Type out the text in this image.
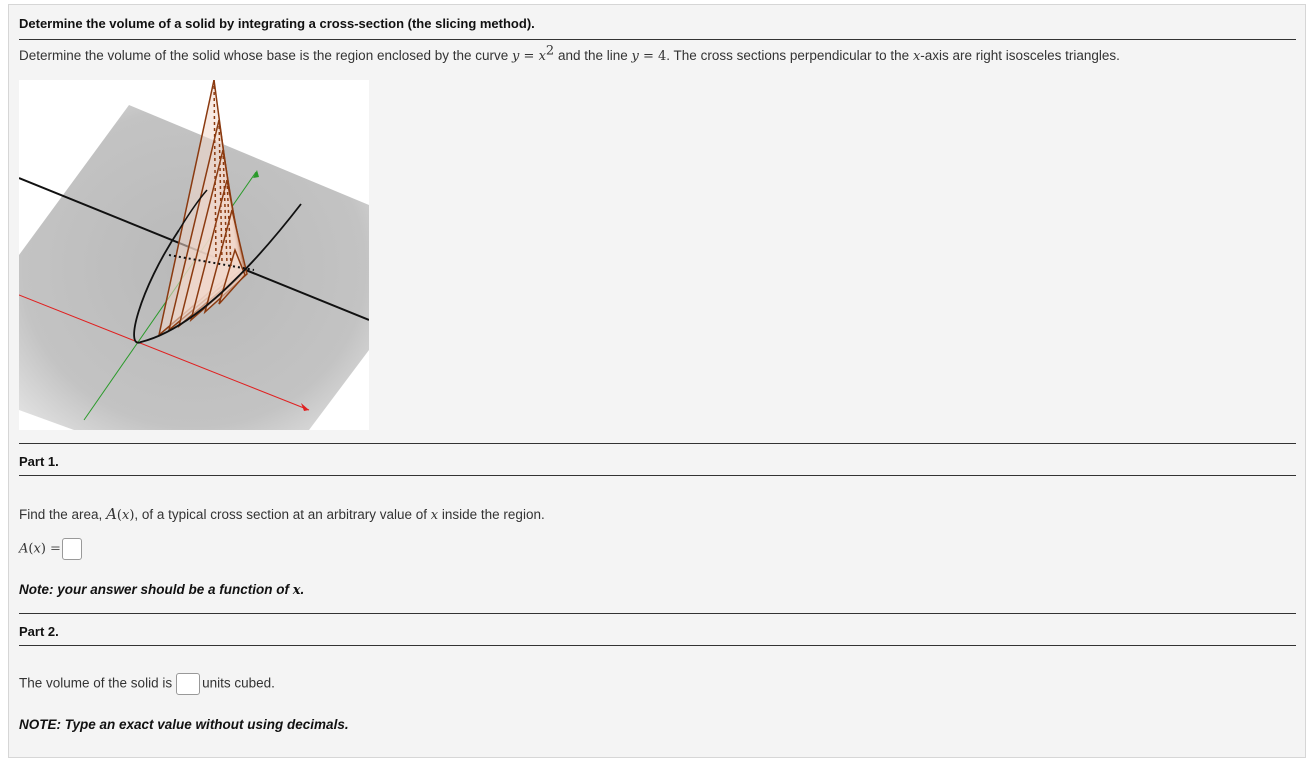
Determine the volume of a solid by integrating a cross-section (the slicing method).
Determine the volume of the solid whose base is the region enclosed by the curve $y = x^2$ and the line y = 4. The cross sections perpendicular to the x-axis are right isosceles triangles.
Part 1.
Find the area, A(x), of a typical cross section at an arbitrary value of x inside the region.
A(x) =
Note: your answer should be a function of x.
Part 2.
The volume of the solid is units cubed.
NOTE: Type an exact value without using decimals.
